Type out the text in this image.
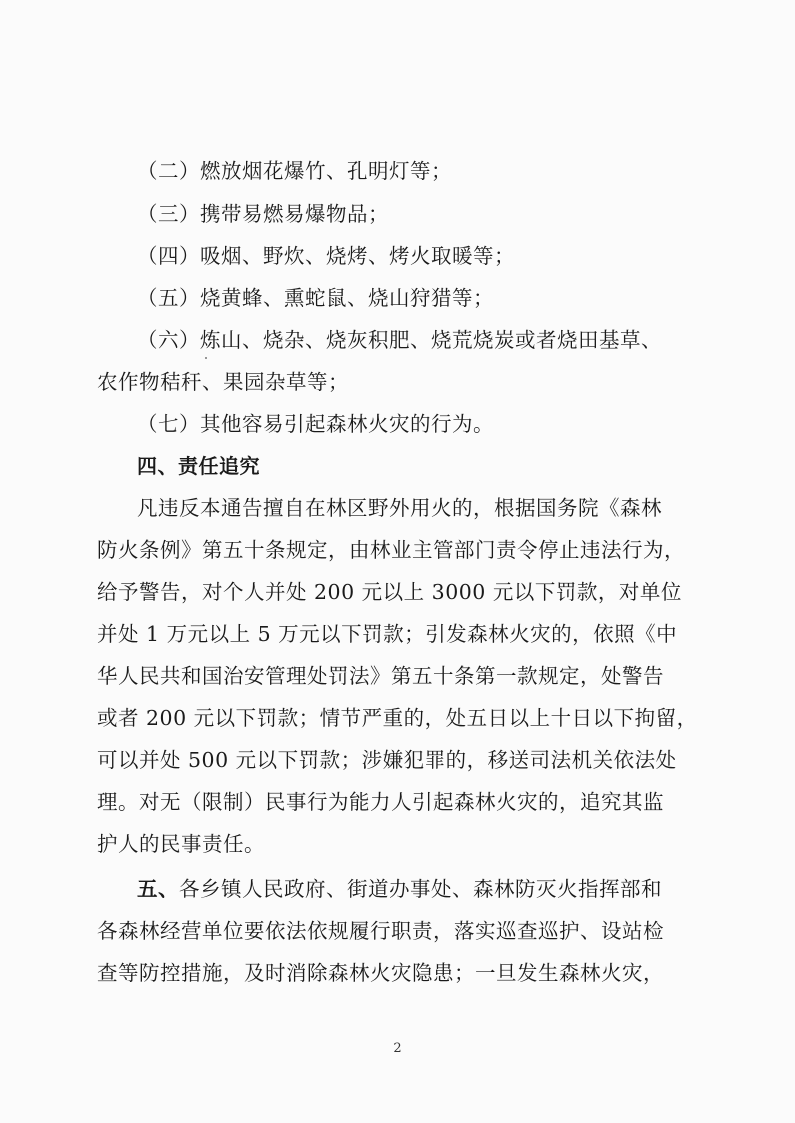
（二）燃放烟花爆竹、孔明灯等；
（三）携带易燃易爆物品；
（四）吸烟、野炊、烧烤、烤火取暖等；
（五）烧黄蜂、熏蛇鼠、烧山狩猎等；
（六）炼山、烧杂、烧灰积肥、烧荒烧炭或者烧田基草、
农作物秸秆、果园杂草等；
（七）其他容易引起森林火灾的行为。
四、责任追究
凡违反本通告擅自在林区野外用火的，根据国务院《森林
防火条例》第五十条规定，由林业主管部门责令停止违法行为，
给予警告，对个人并处 200 元以上 3000 元以下罚款，对单位
并处 1 万元以上 5 万元以下罚款；引发森林火灾的，依照《中
华人民共和国治安管理处罚法》第五十条第一款规定，处警告
或者 200 元以下罚款；情节严重的，处五日以上十日以下拘留，
可以并处 500 元以下罚款；涉嫌犯罪的，移送司法机关依法处
理。对无（限制）民事行为能力人引起森林火灾的，追究其监
护人的民事责任。
五、各乡镇人民政府、街道办事处、森林防灭火指挥部和
各森林经营单位要依法依规履行职责，落实巡查巡护、设站检
查等防控措施，及时消除森林火灾隐患；一旦发生森林火灾，
2
